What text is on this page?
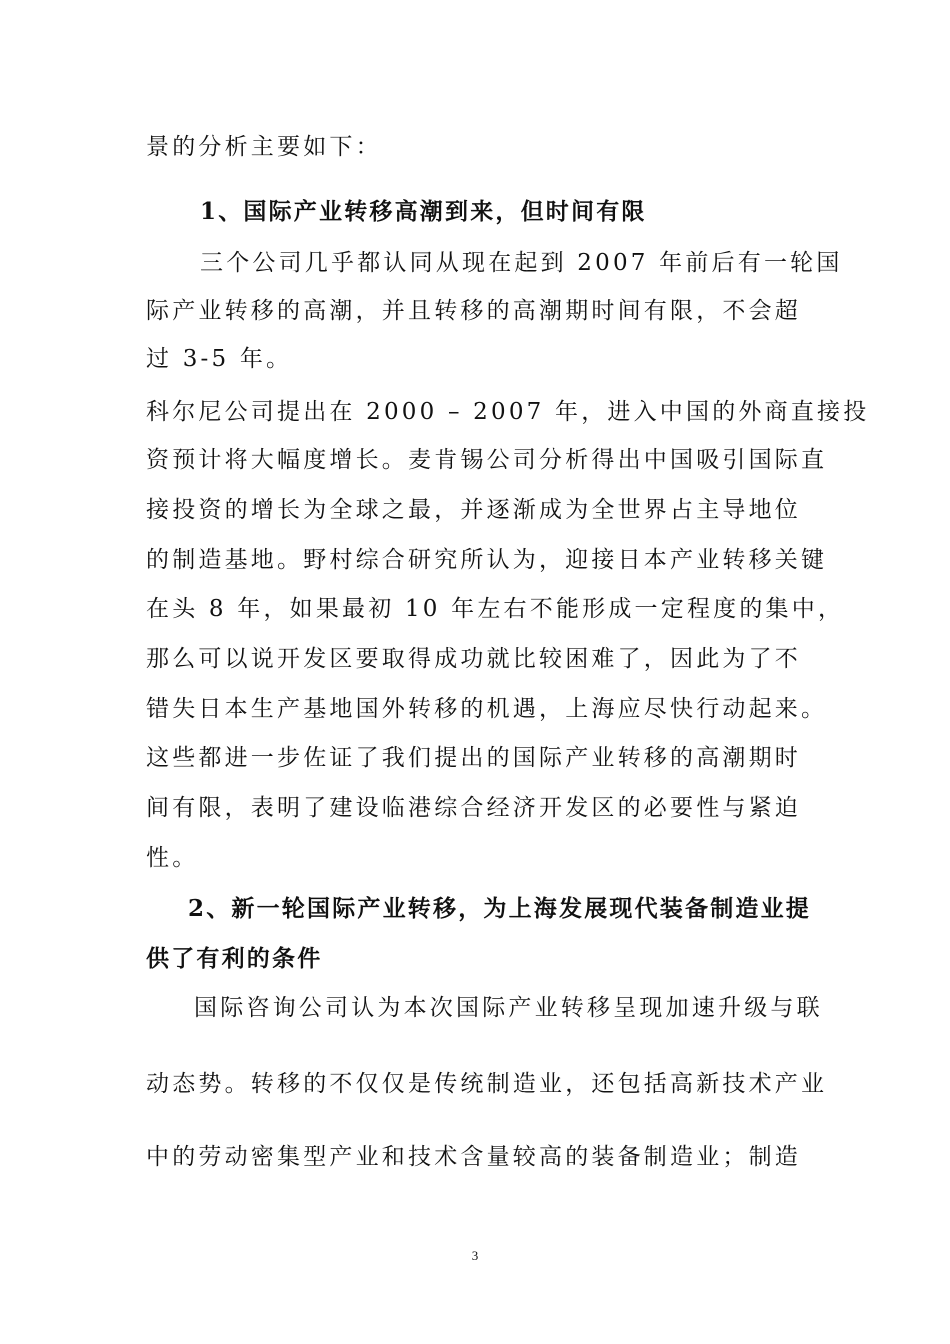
景的分析主要如下：
1、国际产业转移高潮到来，但时间有限
三个公司几乎都认同从现在起到 2007 年前后有一轮国
际产业转移的高潮，并且转移的高潮期时间有限，不会超
过 3-5 年。
科尔尼公司提出在 2000 – 2007 年，进入中国的外商直接投
资预计将大幅度增长。麦肯锡公司分析得出中国吸引国际直
接投资的增长为全球之最，并逐渐成为全世界占主导地位
的制造基地。野村综合研究所认为，迎接日本产业转移关键
在头 8 年，如果最初 10 年左右不能形成一定程度的集中，
那么可以说开发区要取得成功就比较困难了，因此为了不
错失日本生产基地国外转移的机遇，上海应尽快行动起来。
这些都进一步佐证了我们提出的国际产业转移的高潮期时
间有限，表明了建设临港综合经济开发区的必要性与紧迫
性。
2、新一轮国际产业转移，为上海发展现代装备制造业提
供了有利的条件
国际咨询公司认为本次国际产业转移呈现加速升级与联
动态势。转移的不仅仅是传统制造业，还包括高新技术产业
中的劳动密集型产业和技术含量较高的装备制造业；制造
3
